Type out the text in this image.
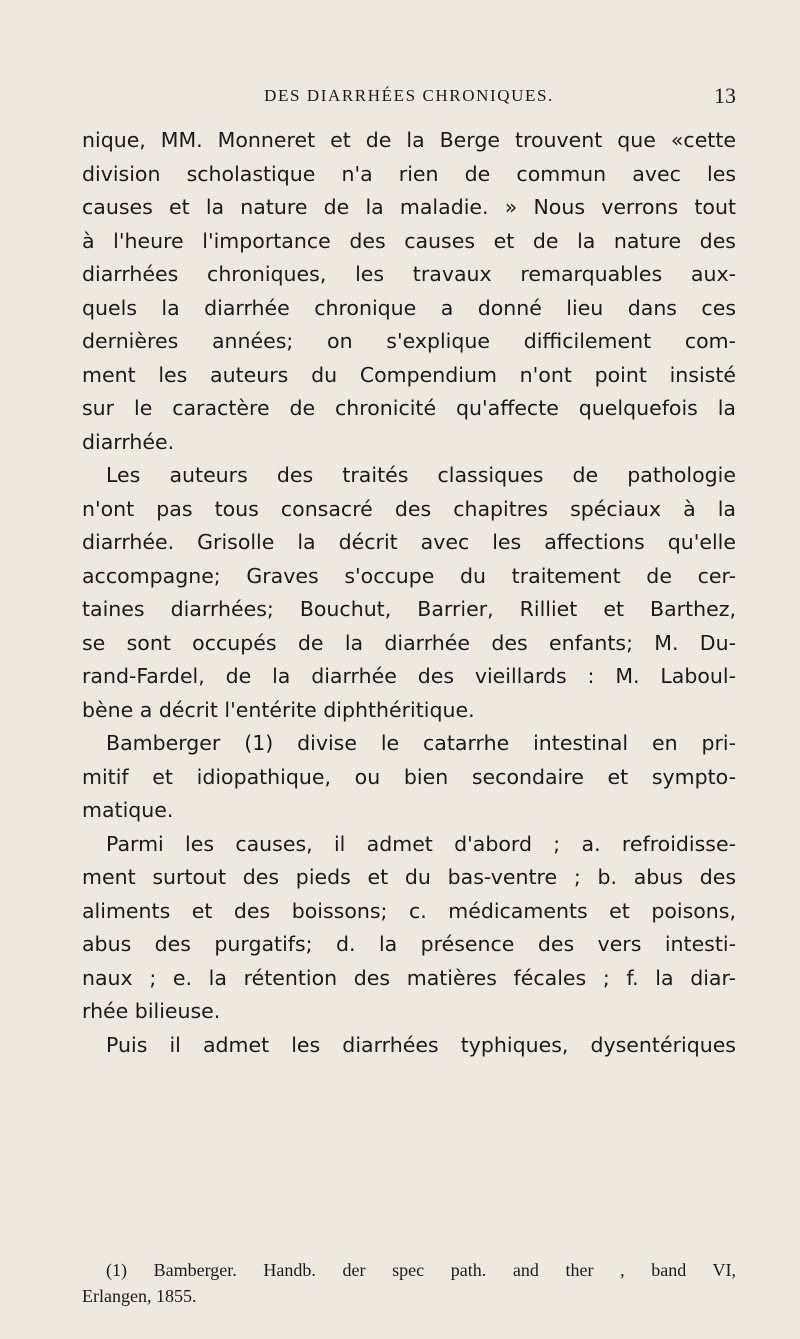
DES DIARRHÉES CHRONIQUES.	13
nique, MM. Monneret et de la Berge trouvent que «cette
division scholastique n'a rien de commun avec les
causes et la nature de la maladie. » Nous verrons tout
à l'heure l'importance des causes et de la nature des
diarrhées chroniques, les travaux remarquables aux-
quels la diarrhée chronique a donné lieu dans ces
dernières années; on s'explique difficilement com-
ment les auteurs du Compendium n'ont point insisté
sur le caractère de chronicité qu'affecte quelquefois la
diarrhée.
Les auteurs des traités classiques de pathologie
n'ont pas tous consacré des chapitres spéciaux à la
diarrhée. Grisolle la décrit avec les affections qu'elle
accompagne; Graves s'occupe du traitement de cer-
taines diarrhées; Bouchut, Barrier, Rilliet et Barthez,
se sont occupés de la diarrhée des enfants; M. Du-
rand-Fardel, de la diarrhée des vieillards : M. Laboul-
bène a décrit l'entérite diphthéritique.
Bamberger (1) divise le catarrhe intestinal en pri-
mitif et idiopathique, ou bien secondaire et sympto-
matique.
Parmi les causes, il admet d'abord ; a. refroidisse-
ment surtout des pieds et du bas-ventre ; b. abus des
aliments et des boissons; c. médicaments et poisons,
abus des purgatifs; d. la présence des vers intesti-
naux ; e. la rétention des matières fécales ; f. la diar-
rhée bilieuse.
Puis il admet les diarrhées typhiques, dysentériques
(1) Bamberger. Handb. der spec path. and ther , band VI,
Erlangen, 1855.
